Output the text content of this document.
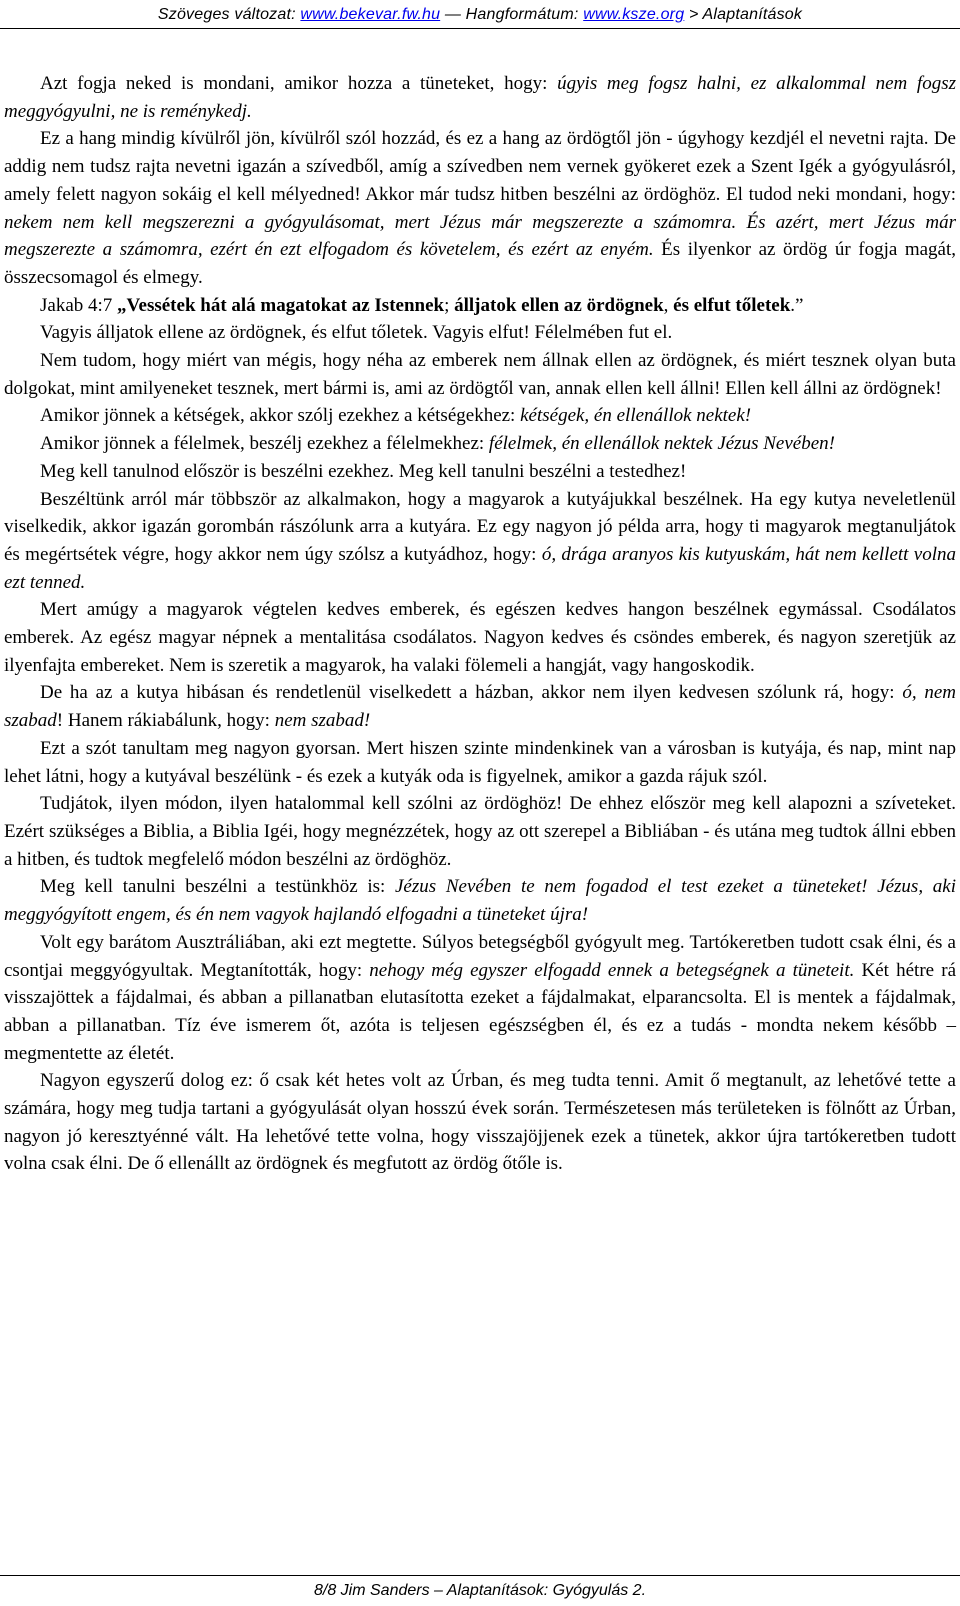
Szöveges változat: www.bekevar.fw.hu — Hangformátum: www.ksze.org > Alaptanítások

Azt fogja neked is mondani, amikor hozza a tüneteket, hogy: úgyis meg fogsz halni, ez alkalommal nem fogsz meggyógyulni, ne is reménykedj.

Ez a hang mindig kívülről jön, kívülről szól hozzád, és ez a hang az ördögtől jön - úgyhogy kezdjél el nevetni rajta. De addig nem tudsz rajta nevetni igazán a szívedből, amíg a szívedben nem vernek gyökeret ezek a Szent Igék a gyógyulásról, amely felett nagyon sokáig el kell mélyedned! Akkor már tudsz hitben beszélni az ördöghöz. El tudod neki mondani, hogy: nekem nem kell megszerezni a gyógyulásomat, mert Jézus már megszerezte a számomra. És azért, mert Jézus már megszerezte a számomra, ezért én ezt elfogadom és követelem, és ezért az enyém. És ilyenkor az ördög úr fogja magát, összecsomagol és elmegy.

Jakab 4:7 „Vessétek hát alá magatokat az Istennek; álljatok ellen az ördögnek, és elfut tőletek.”

Vagyis álljatok ellene az ördögnek, és elfut tőletek. Vagyis elfut! Félelmében fut el.

Nem tudom, hogy miért van mégis, hogy néha az emberek nem állnak ellen az ördögnek, és miért tesznek olyan buta dolgokat, mint amilyeneket tesznek, mert bármi is, ami az ördögtől van, annak ellen kell állni! Ellen kell állni az ördögnek!

Amikor jönnek a kétségek, akkor szólj ezekhez a kétségekhez: kétségek, én ellenállok nektek!

Amikor jönnek a félelmek, beszélj ezekhez a félelmekhez: félelmek, én ellenállok nektek Jézus Nevében!

Meg kell tanulnod először is beszélni ezekhez. Meg kell tanulni beszélni a testedhez!

Beszéltünk arról már többször az alkalmakon, hogy a magyarok a kutyájukkal beszélnek. Ha egy kutya neveletlenül viselkedik, akkor igazán gorombán rászólunk arra a kutyára. Ez egy nagyon jó példa arra, hogy ti magyarok megtanuljátok és megértsétek végre, hogy akkor nem úgy szólsz a kutyádhoz, hogy: ó, drága aranyos kis kutyuskám, hát nem kellett volna ezt tenned.

Mert amúgy a magyarok végtelen kedves emberek, és egészen kedves hangon beszélnek egymással. Csodálatos emberek. Az egész magyar népnek a mentalitása csodálatos. Nagyon kedves és csöndes emberek, és nagyon szeretjük az ilyenfajta embereket. Nem is szeretik a magyarok, ha valaki fölemeli a hangját, vagy hangoskodik.

De ha az a kutya hibásan és rendetlenül viselkedett a házban, akkor nem ilyen kedvesen szólunk rá, hogy: ó, nem szabad! Hanem rákiabálunk, hogy: nem szabad!

Ezt a szót tanultam meg nagyon gyorsan. Mert hiszen szinte mindenkinek van a városban is kutyája, és nap, mint nap lehet látni, hogy a kutyával beszélünk - és ezek a kutyák oda is figyelnek, amikor a gazda rájuk szól.

Tudjátok, ilyen módon, ilyen hatalommal kell szólni az ördöghöz! De ehhez először meg kell alapozni a szíveteket. Ezért szükséges a Biblia, a Biblia Igéi, hogy megnézzétek, hogy az ott szerepel a Bibliában - és utána meg tudtok állni ebben a hitben, és tudtok megfelelő módon beszélni az ördöghöz.

Meg kell tanulni beszélni a testünkhöz is: Jézus Nevében te nem fogadod el test ezeket a tüneteket! Jézus, aki meggyógyított engem, és én nem vagyok hajlandó elfogadni a tüneteket újra!

Volt egy barátom Ausztráliában, aki ezt megtette. Súlyos betegségből gyógyult meg. Tartókeretben tudott csak élni, és a csontjai meggyógyultak. Megtanították, hogy: nehogy még egyszer elfogadd ennek a betegségnek a tüneteit. Két hétre rá visszajöttek a fájdalmai, és abban a pillanatban elutasította ezeket a fájdalmakat, elparancsolta. El is mentek a fájdalmak, abban a pillanatban. Tíz éve ismerem őt, azóta is teljesen egészségben él, és ez a tudás - mondta nekem később – megmentette az életét.

Nagyon egyszerű dolog ez: ő csak két hetes volt az Úrban, és meg tudta tenni. Amit ő megtanult, az lehetővé tette a számára, hogy meg tudja tartani a gyógyulását olyan hosszú évek során. Természetesen más területeken is fölnőtt az Úrban, nagyon jó keresztyénné vált. Ha lehetővé tette volna, hogy visszajöjjenek ezek a tünetek, akkor újra tartókeretben tudott volna csak élni. De ő ellenállt az ördögnek és megfutott az ördög őtőle is.

8/8 Jim Sanders – Alaptanítások: Gyógyulás 2.
